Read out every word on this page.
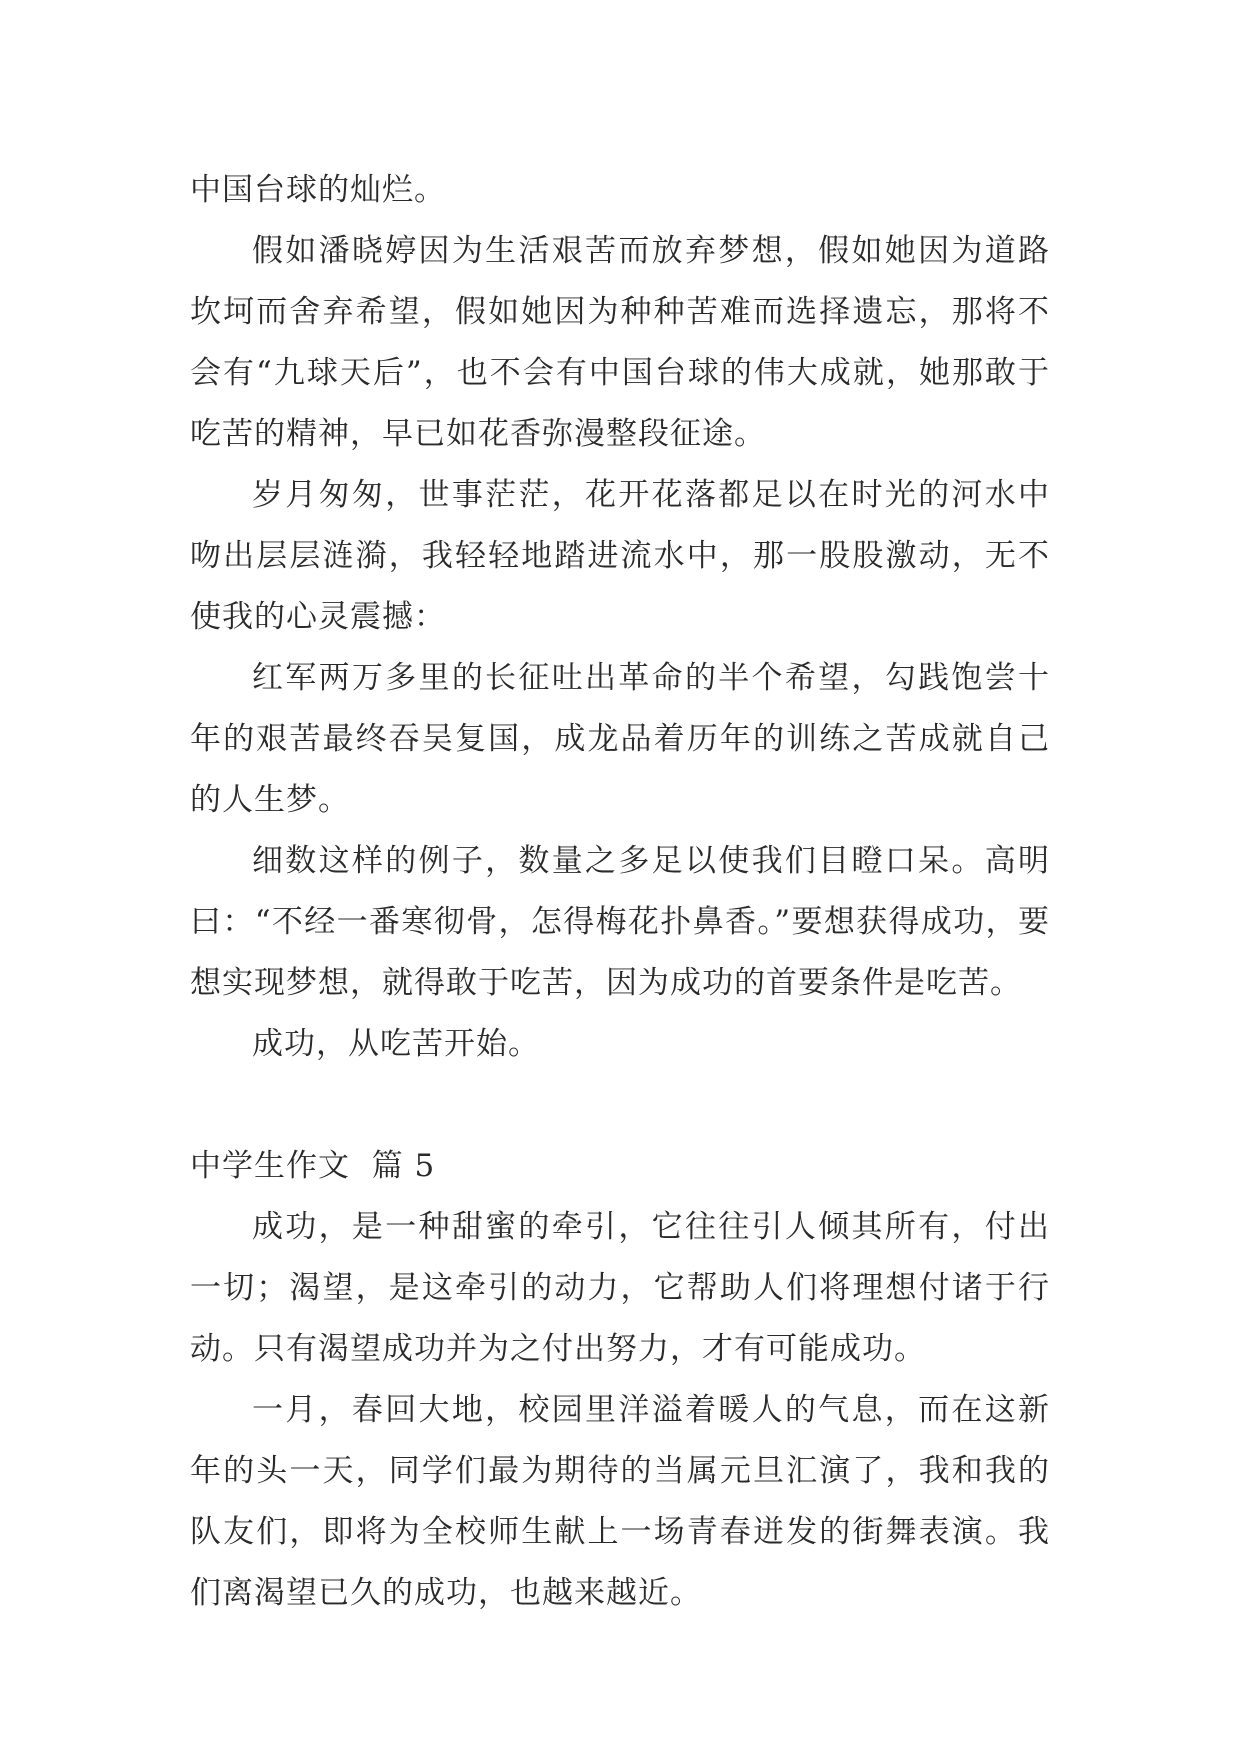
中国台球的灿烂。

假如潘晓婷因为生活艰苦而放弃梦想，假如她因为道路坎坷而舍弃希望，假如她因为种种苦难而选择遗忘，那将不会有“九球天后”，也不会有中国台球的伟大成就，她那敢于吃苦的精神，早已如花香弥漫整段征途。

岁月匆匆，世事茫茫，花开花落都足以在时光的河水中吻出层层涟漪，我轻轻地踏进流水中，那一股股激动，无不使我的心灵震撼：

红军两万多里的长征吐出革命的半个希望，勾践饱尝十年的艰苦最终吞吴复国，成龙品着历年的训练之苦成就自己的人生梦。

细数这样的例子，数量之多足以使我们目瞪口呆。高明曰：“不经一番寒彻骨，怎得梅花扑鼻香。”要想获得成功，要想实现梦想，就得敢于吃苦，因为成功的首要条件是吃苦。

成功，从吃苦开始。

中学生作文  篇 5

成功，是一种甜蜜的牵引，它往往引人倾其所有，付出一切；渴望，是这牵引的动力，它帮助人们将理想付诸于行动。只有渴望成功并为之付出努力，才有可能成功。

一月，春回大地，校园里洋溢着暖人的气息，而在这新年的头一天，同学们最为期待的当属元旦汇演了，我和我的队友们，即将为全校师生献上一场青春迸发的街舞表演。我们离渴望已久的成功，也越来越近。
